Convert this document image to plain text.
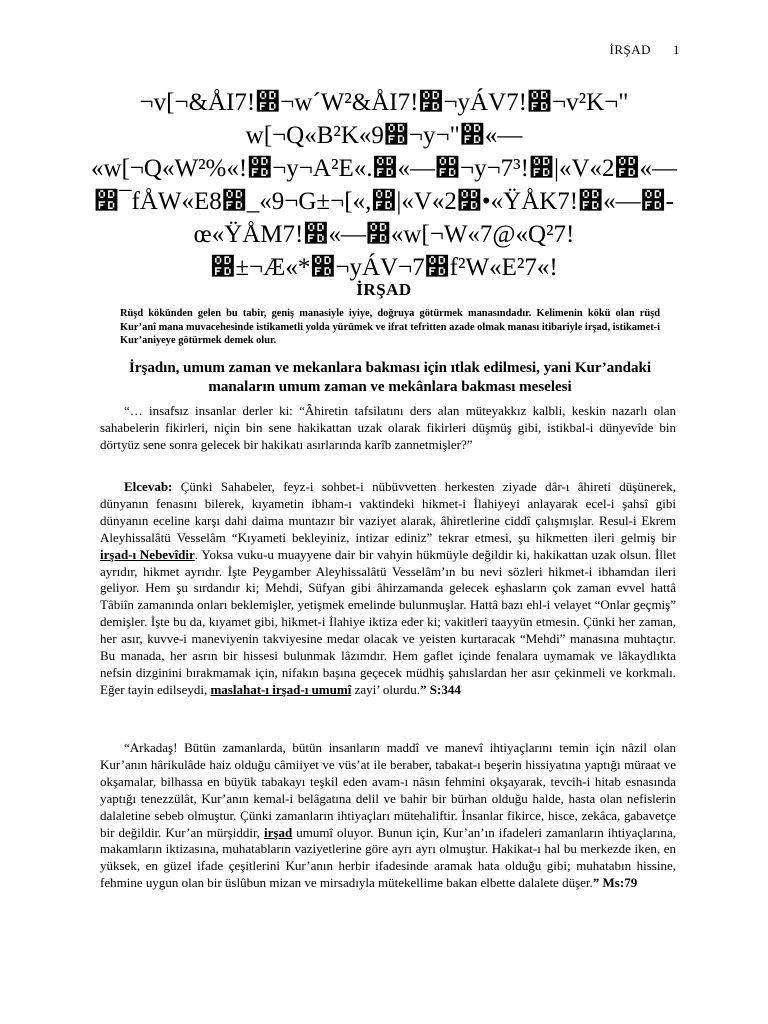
İRŞAD 1
¬v[¬&ÅI7!෽¬w´W²&ÅI7!෽¬yÁV7!෽¬v²K¬"
w[¬Q«B²K«9෽¬y¬"෽«—
«w[¬Q«W²%«!෽¬y¬A²E«.෽«—෽¬y¬7³!෽|«V«2෽«—
෽¯fÅW«E8෽_«9¬G±¬[«,෽|«V«2෽•«ŸÅK7!෽«—෽-
œ«ŸÅM7!෽«—෽«w[¬W«7@«Q²7!
෽±¬Æ«*෽¬yÁV¬7෽f²W«E²7«!
İRŞAD
Rüşd kökünden gelen bu tabir, geniş manasiyle iyiye, doğruya götürmek manasındadır. Kelimenin kökü olan rüşd Kur’anî mana muvacehesinde istikametli yolda yürümek ve ifrat tefritten azade olmak manası itibariyle irşad, istikamet-i Kur’aniyeye götürmek demek olur.
İrşadın, umum zaman ve mekanlara bakması için ıtlak edilmesi, yani Kur’andaki manaların umum zaman ve mekânlara bakması meselesi

“… insafsız insanlar derler ki: “Âhiretin tafsilatını ders alan müteyakkız kalbli, keskin nazarlı olan sahabelerin fikirleri, niçin bin sene hakikattan uzak olarak fikirleri düşmüş gibi, istikbal-i dünyevîde bin dörtyüz sene sonra gelecek bir hakikatı asırlarında karîb zannetmişler?”

Elcevab: Çünki Sahabeler, feyz-i sohbet-i nübüvvetten herkesten ziyade dâr-ı âhireti düşünerek, dünyanın fenasını bilerek, kıyametin ibham-ı vaktindeki hikmet-i İlahiyeyi anlayarak ecel-i şahsî gibi dünyanın eceline karşı dahi daima muntazır bir vaziyet alarak, âhiretlerine ciddî çalışmışlar. Resul-i Ekrem Aleyhissalâtü Vesselâm “Kıyameti bekleyiniz, intizar ediniz” tekrar etmesi, şu hikmetten ileri gelmiş bir irşad-ı Nebevîdir. Yoksa vuku-u muayyene dair bir vahyin hükmüyle değildir ki, hakikattan uzak olsun. İllet ayrıdır, hikmet ayrıdır. İşte Peygamber Aleyhissalâtü Vesselâm’ın bu nevi sözleri hikmet-i ibhamdan ileri geliyor. Hem şu sırdandır ki; Mehdi, Süfyan gibi âhirzamanda gelecek eşhasların çok zaman evvel hattâ Tâbiîn zamanında onları beklemişler, yetişmek emelinde bulunmuşlar. Hattâ bazı ehl-i velayet “Onlar geçmiş” demişler. İşte bu da, kıyamet gibi, hikmet-i İlahiye iktiza eder ki; vakitleri taayyün etmesin. Çünki her zaman, her asır, kuvve-i maneviyenin takviyesine medar olacak ve yeisten kurtaracak “Mehdi” manasına muhtaçtır. Bu manada, her asrın bir hissesi bulunmak lâzımdır. Hem gaflet içinde fenalara uymamak ve lâkaydlıkta nefsin dizginini bırakmamak için, nifakın başına geçecek müdhiş şahıslardan her asır çekinmeli ve korkmalı. Eğer tayin edilseydi, maslahat-ı irşad-ı umumî zayi’ olurdu.” S:344

“Arkadaş! Bütün zamanlarda, bütün insanların maddî ve manevî ihtiyaçlarını temin için nâzil olan Kur’anın hârikulâde haiz olduğu câmiiyet ve vüs’at ile beraber, tabakat-ı beşerin hissiyatına yaptığı müraat ve okşamalar, bilhassa en büyük tabakayı teşkil eden avam-ı nâsın fehmini okşayarak, tevcih-i hitab esnasında yaptığı tenezzülât, Kur’anın kemal-i belâgatına delil ve bahir bir bürhan olduğu halde, hasta olan nefislerin dalaletine sebeb olmuştur. Çünki zamanların ihtiyaçları mütehaliftir. İnsanlar fikirce, hisce, zekâca, gabavetçe bir değildir. Kur’an mürşiddir, irşad umumî oluyor. Bunun için, Kur’an’ın ifadeleri zamanların ihtiyaçlarına, makamların iktizasına, muhatabların vaziyetlerine göre ayrı ayrı olmuştur. Hakikat-ı hal bu merkezde iken, en yüksek, en güzel ifade çeşitlerini Kur’anın herbir ifadesinde aramak hata olduğu gibi; muhatabın hissine, fehmine uygun olan bir üslûbun mizan ve mirsadıyla mütekellime bakan elbette dalalete düşer.” Ms:79
